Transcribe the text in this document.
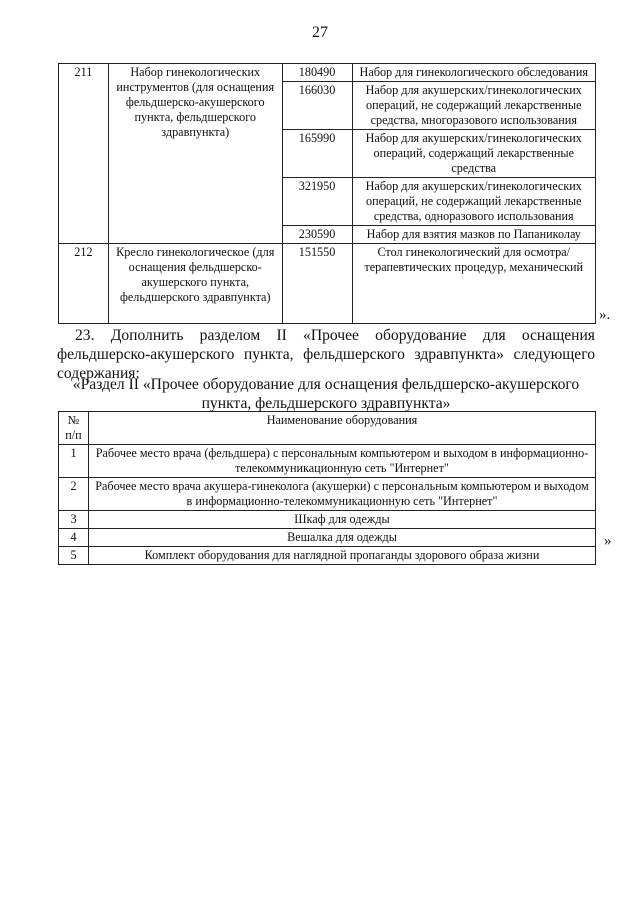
27
211	Набор гинекологических инструментов (для оснащения фельдшерско-акушерского пункта, фельдшерского здравпункта)	180490	Набор для гинекологического обследования
		166030	Набор для акушерских/гинекологических операций, не содержащий лекарственные средства, многоразового использования
		165990	Набор для акушерских/гинекологических операций, содержащий лекарственные средства
		321950	Набор для акушерских/гинекологических операций, не содержащий лекарственные средства, одноразового использования
		230590	Набор для взятия мазков по Папаниколау
212	Кресло гинекологическое (для оснащения фельдшерско-акушерского пункта, фельдшерского здравпункта)	151550	Стол гинекологический для осмотра/терапевтических процедур, механический
».
23. Дополнить разделом II «Прочее оборудование для оснащения фельдшерско-акушерского пункта, фельдшерского здравпункта» следующего содержания:
«Раздел II «Прочее оборудование для оснащения фельдшерско-акушерского пункта, фельдшерского здравпункта»
№ п/п	Наименование оборудования
1	Рабочее место врача (фельдшера) с персональным компьютером и выходом в информационно-телекоммуникационную сеть "Интернет"
2	Рабочее место врача акушера-гинеколога (акушерки) с персональным компьютером и выходом в информационно-телекоммуникационную сеть "Интернет"
3	Шкаф для одежды
4	Вешалка для одежды
5	Комплект оборудования для наглядной пропаганды здорового образа жизни
»
